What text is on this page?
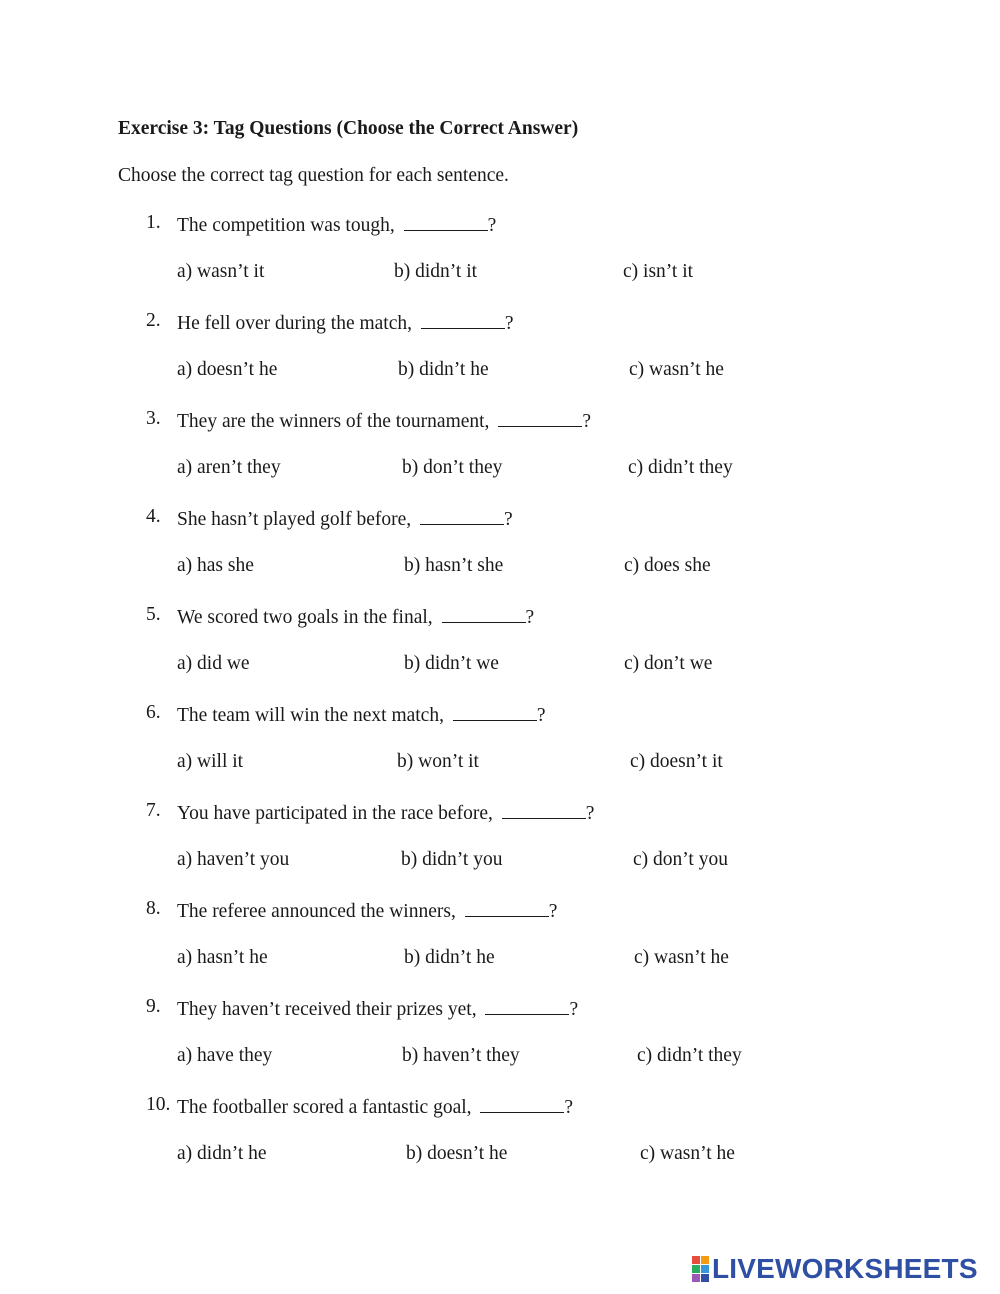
Exercise 3: Tag Questions (Choose the Correct Answer)
Choose the correct tag question for each sentence.
1. The competition was tough,	?
a) wasn’t it	b) didn’t it	c) isn’t it
2. He fell over during the match,	?
a) doesn’t he	b) didn’t he	c) wasn’t he
3. They are the winners of the tournament,	?
a) aren’t they	b) don’t they	c) didn’t they
4. She hasn’t played golf before,	?
a) has she	b) hasn’t she	c) does she
5. We scored two goals in the final,	?
a) did we	b) didn’t we	c) don’t we
6. The team will win the next match,	?
a) will it	b) won’t it	c) doesn’t it
7. You have participated in the race before,	?
a) haven’t you	b) didn’t you	c) don’t you
8. The referee announced the winners,	?
a) hasn’t he	b) didn’t he	c) wasn’t he
9. They haven’t received their prizes yet,	?
a) have they	b) haven’t they	c) didn’t they
10. The footballer scored a fantastic goal,	?
a) didn’t he	b) doesn’t he	c) wasn’t he
LIVEWORKSHEETS
